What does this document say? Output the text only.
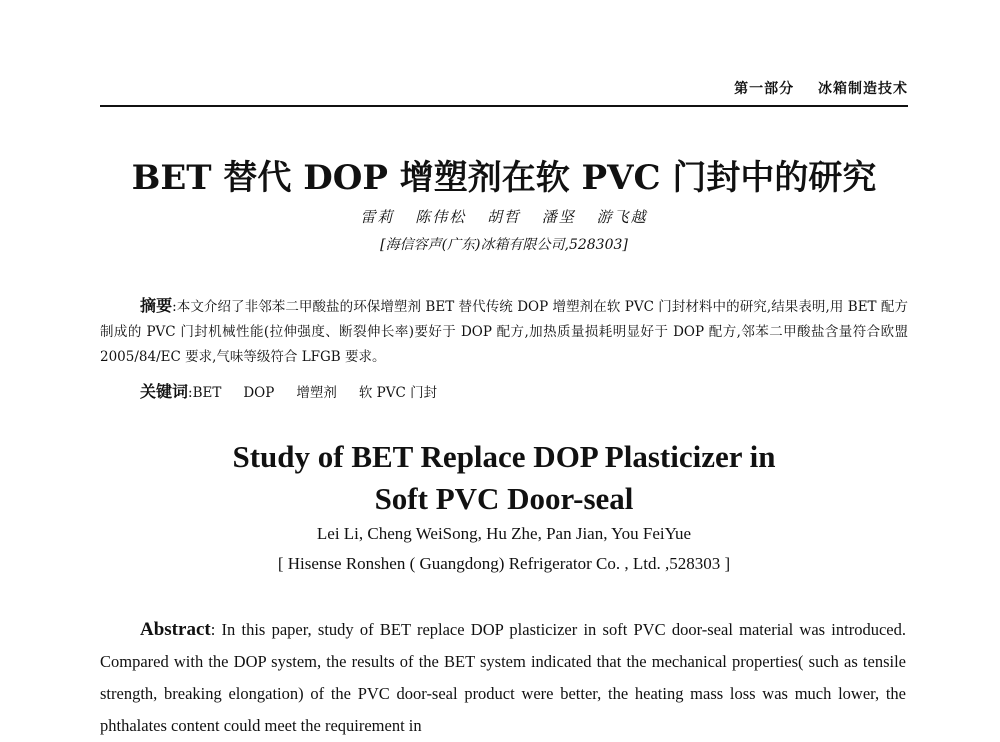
第一部分 冰箱制造技术
BET 替代 DOP 增塑剂在软 PVC 门封中的研究
雷莉 陈伟松 胡哲 潘坚 游飞越
[海信容声(广东)冰箱有限公司,528303]
摘要:本文介绍了非邻苯二甲酸盐的环保增塑剂 BET 替代传统 DOP 增塑剂在软 PVC 门封材料中的研究,结果表明,用 BET 配方制成的 PVC 门封机械性能(拉伸强度、断裂伸长率)要好于 DOP 配方,加热质量损耗明显好于 DOP 配方,邻苯二甲酸盐含量符合欧盟 2005/84/EC 要求,气味等级符合 LFGB 要求。
关键词:BET DOP 增塑剂 软 PVC 门封
Study of BET Replace DOP Plasticizer in
Soft PVC Door-seal
Lei Li, Cheng WeiSong, Hu Zhe, Pan Jian, You FeiYue
[ Hisense Ronshen ( Guangdong) Refrigerator Co. , Ltd. ,528303 ]
Abstract: In this paper, study of BET replace DOP plasticizer in soft PVC door-seal material was introduced. Compared with the DOP system, the results of the BET system indicated that the mechanical properties( such as tensile strength, breaking elongation) of the PVC door-seal product were better, the heating mass loss was much lower, the phthalates content could meet the requirement in
